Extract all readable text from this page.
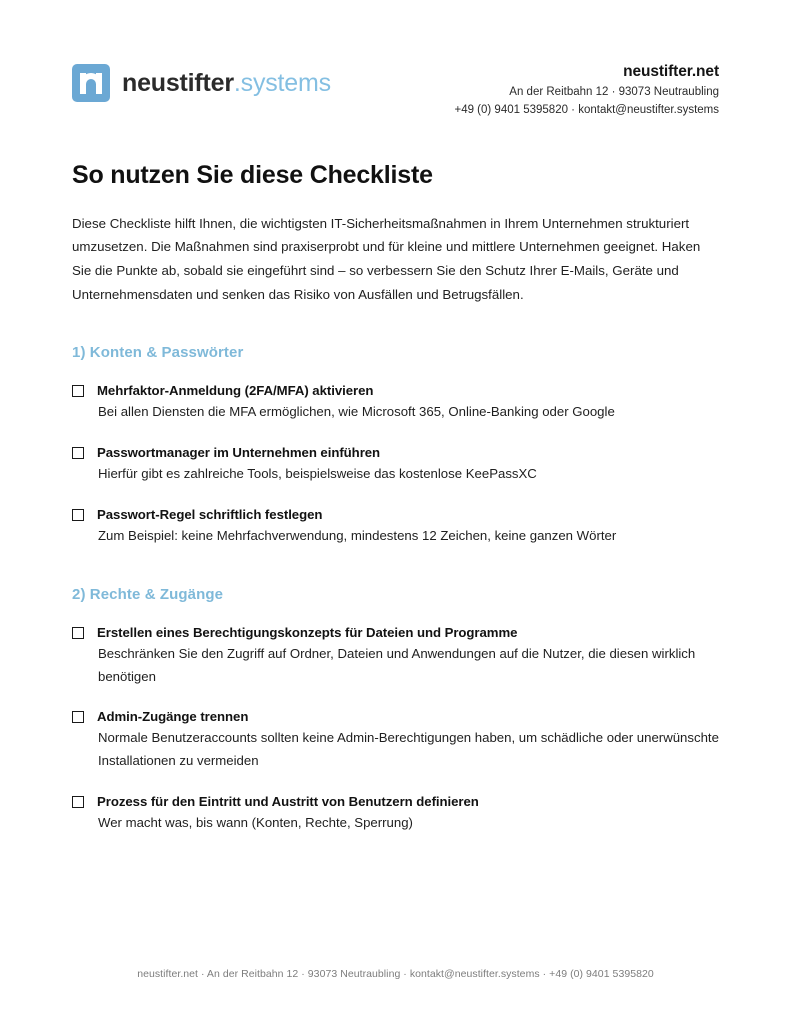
neustifter.systems	neustifter.net
An der Reitbahn 12 · 93073 Neutraubling
+49 (0) 9401 5395820 · kontakt@neustifter.systems
So nutzen Sie diese Checkliste

Diese Checkliste hilft Ihnen, die wichtigsten IT-Sicherheitsmaßnahmen in Ihrem Unternehmen strukturiert umzusetzen. Die Maßnahmen sind praxiserprobt und für kleine und mittlere Unternehmen geeignet. Haken Sie die Punkte ab, sobald sie eingeführt sind – so verbessern Sie den Schutz Ihrer E-Mails, Geräte und Unternehmensdaten und senken das Risiko von Ausfällen und Betrugsfällen.

1) Konten & Passwörter
Mehrfaktor-Anmeldung (2FA/MFA) aktivieren
Bei allen Diensten die MFA ermöglichen, wie Microsoft 365, Online-Banking oder Google
Passwortmanager im Unternehmen einführen
Hierfür gibt es zahlreiche Tools, beispielsweise das kostenlose KeePassXC
Passwort-Regel schriftlich festlegen
Zum Beispiel: keine Mehrfachverwendung, mindestens 12 Zeichen, keine ganzen Wörter
2) Rechte & Zugänge
Erstellen eines Berechtigungskonzepts für Dateien und Programme
Beschränken Sie den Zugriff auf Ordner, Dateien und Anwendungen auf die Nutzer, die diesen wirklich benötigen
Admin-Zugänge trennen
Normale Benutzeraccounts sollten keine Admin-Berechtigungen haben, um schädliche oder unerwünschte Installationen zu vermeiden
Prozess für den Eintritt und Austritt von Benutzern definieren
Wer macht was, bis wann (Konten, Rechte, Sperrung)
neustifter.net · An der Reitbahn 12 · 93073 Neutraubling · kontakt@neustifter.systems · +49 (0) 9401 5395820
